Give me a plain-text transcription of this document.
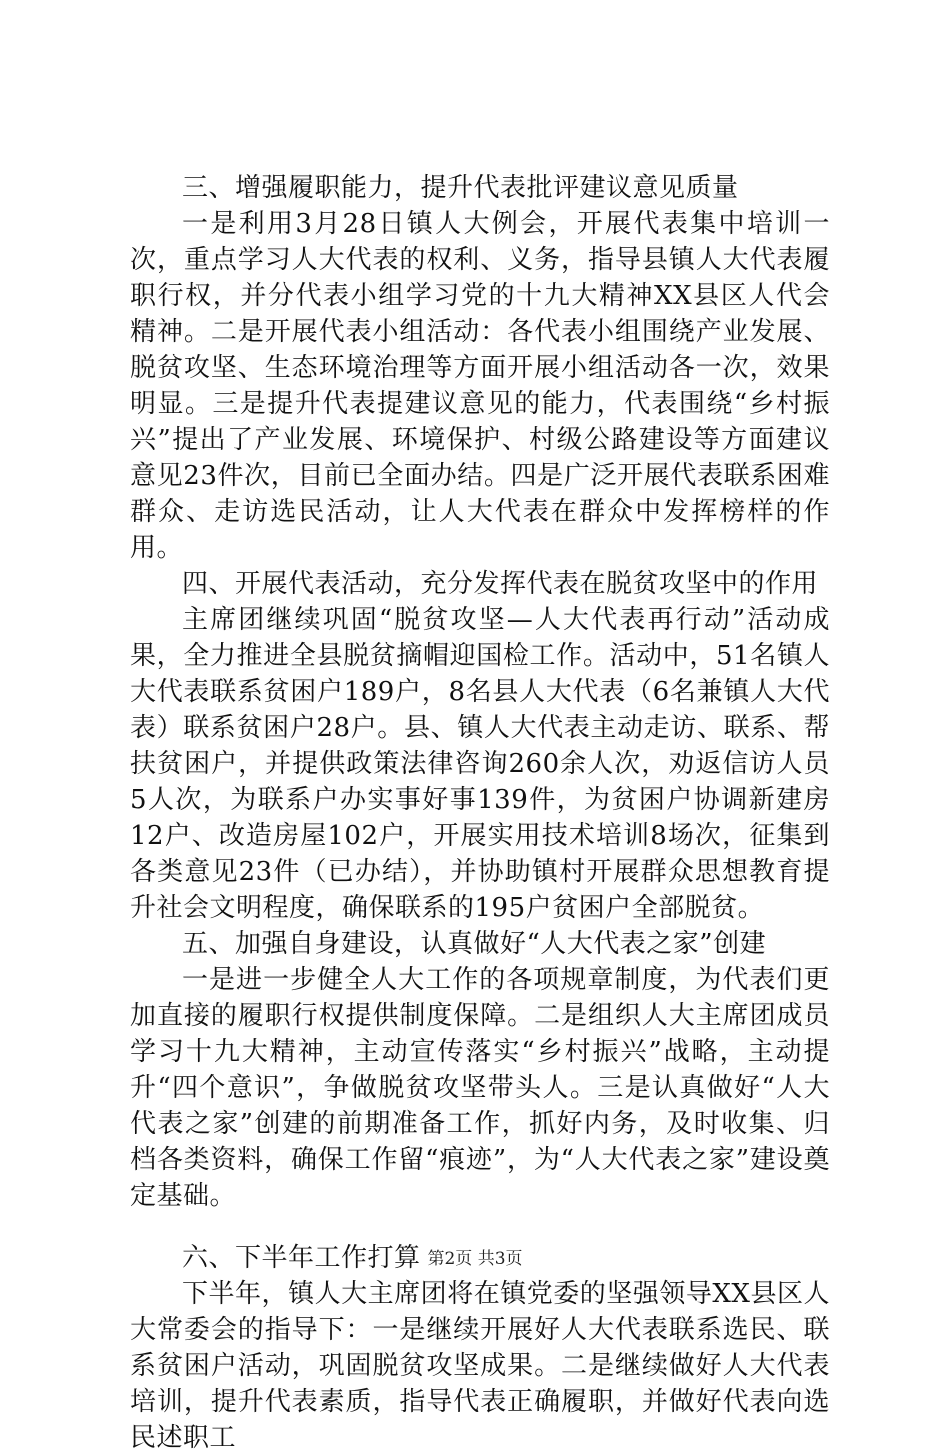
三、增强履职能力，提升代表批评建议意见质量

一是利用3月28日镇人大例会，开展代表集中培训一次，重点学习人大代表的权利、义务，指导县镇人大代表履职行权，并分代表小组学习党的十九大精神XX县区人代会精神。二是开展代表小组活动：各代表小组围绕产业发展、脱贫攻坚、生态环境治理等方面开展小组活动各一次，效果明显。三是提升代表提建议意见的能力，代表围绕“乡村振兴”提出了产业发展、环境保护、村级公路建设等方面建议意见23件次，目前已全面办结。四是广泛开展代表联系困难群众、走访选民活动，让人大代表在群众中发挥榜样的作用。

四、开展代表活动，充分发挥代表在脱贫攻坚中的作用

主席团继续巩固“脱贫攻坚—人大代表再行动”活动成果，全力推进全县脱贫摘帽迎国检工作。活动中，51名镇人大代表联系贫困户189户，8名县人大代表（6名兼镇人大代表）联系贫困户28户。县、镇人大代表主动走访、联系、帮扶贫困户，并提供政策法律咨询260余人次，劝返信访人员5人次，为联系户办实事好事139件，为贫困户协调新建房12户、改造房屋102户，开展实用技术培训8场次，征集到各类意见23件（已办结），并协助镇村开展群众思想教育提升社会文明程度，确保联系的195户贫困户全部脱贫。

五、加强自身建设，认真做好“人大代表之家”创建

一是进一步健全人大工作的各项规章制度，为代表们更加直接的履职行权提供制度保障。二是组织人大主席团成员学习十九大精神，主动宣传落实“乡村振兴”战略，主动提升“四个意识”，争做脱贫攻坚带头人。三是认真做好“人大代表之家”创建的前期准备工作，抓好内务，及时收集、归档各类资料，确保工作留“痕迹”，为“人大代表之家”建设奠定基础。

六、下半年工作打算

下半年，镇人大主席团将在镇党委的坚强领导XX县区人大常委会的指导下：一是继续开展好人大代表联系选民、联系贫困户活动，巩固脱贫攻坚成果。二是继续做好人大代表培训，提升代表素质，指导代表正确履职，并做好代表向选民述职工

第2页 共3页
